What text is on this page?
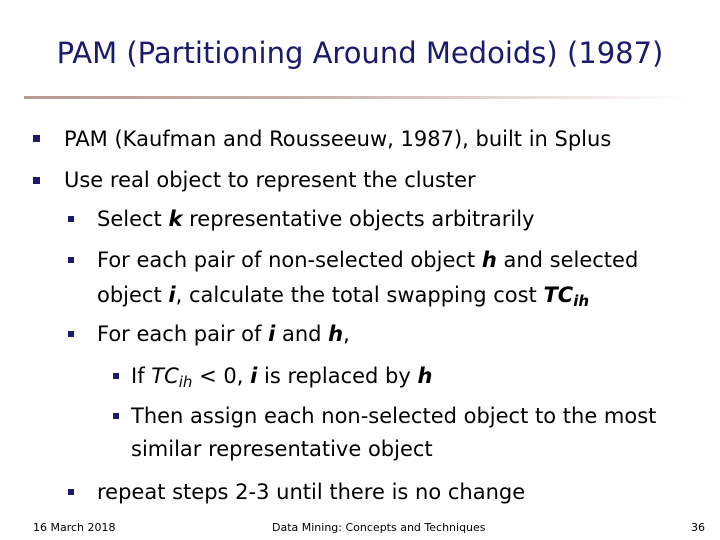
PAM (Partitioning Around Medoids) (1987)
PAM (Kaufman and Rousseeuw, 1987), built in Splus
Use real object to represent the cluster
Select k representative objects arbitrarily
For each pair of non-selected object h and selected
object i, calculate the total swapping cost $TC_{ih}$
For each pair of i and h,
If $TC_{ih} < 0$, i is replaced by h
Then assign each non-selected object to the most
similar representative object
repeat steps 2-3 until there is no change
16 March 2018	Data Mining: Concepts and Techniques	36
